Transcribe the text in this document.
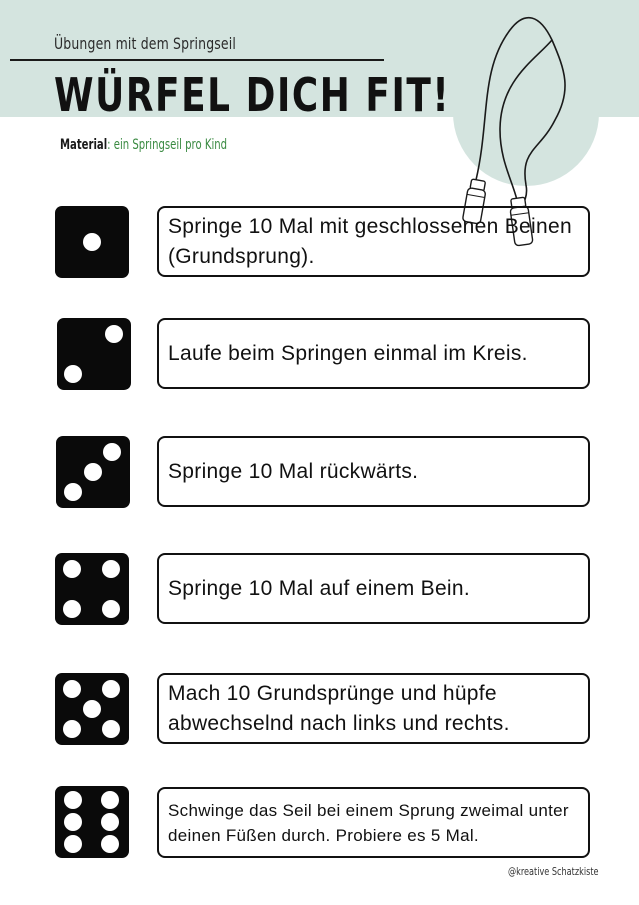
Übungen mit dem Springseil
WÜRFEL DICH FIT!
Material: ein Springseil pro Kind
Springe 10 Mal mit geschlossenen Beinen (Grundsprung).
Laufe beim Springen einmal im Kreis.
Springe 10 Mal rückwärts.
Springe 10 Mal auf einem Bein.
Mach 10 Grundsprünge und hüpfe abwechselnd nach links und rechts.
Schwinge das Seil bei einem Sprung zweimal unter deinen Füßen durch. Probiere es 5 Mal.
@kreative Schatzkiste
